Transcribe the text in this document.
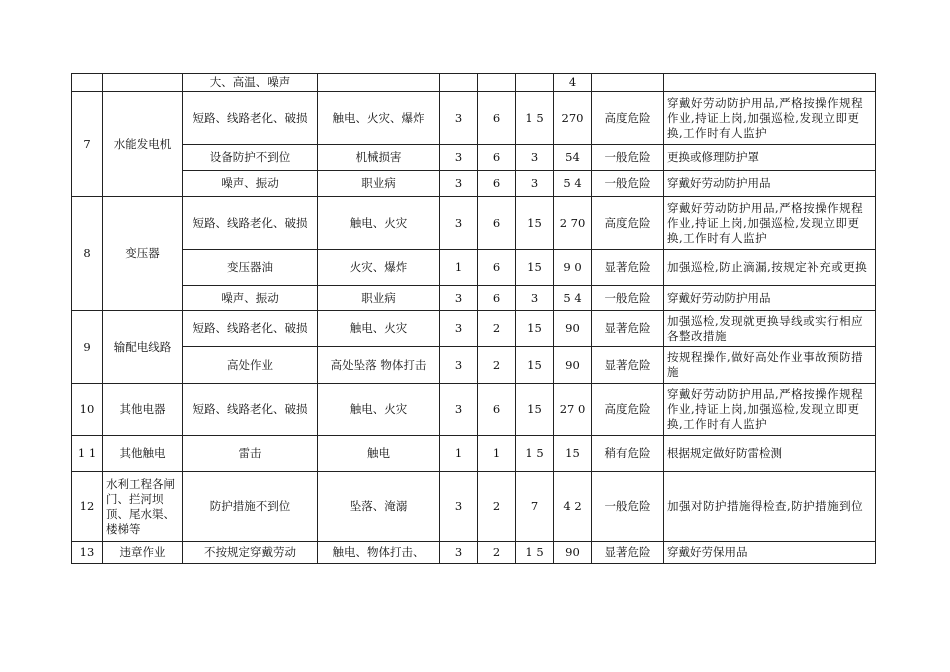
		大、高温、噪声					4		
7	水能发电机	短路、线路老化、破损	触电、火灾、爆炸	3	6	1 5	270	高度危险	穿戴好劳动防护用品,严格按操作规程作业,持证上岗,加强巡检,发现立即更换,工作时有人监护
		设备防护不到位	机械损害	3	6	3	54	一般危险	更换或修理防护罩
		噪声、振动	职业病	3	6	3	5 4	一般危险	穿戴好劳动防护用品
8	变压器	短路、线路老化、破损	触电、火灾	3	6	15	2 70	高度危险	穿戴好劳动防护用品,严格按操作规程作业,持证上岗,加强巡检,发现立即更换,工作时有人监护
		变压器油	火灾、爆炸	1	6	15	9 0	显著危险	加强巡检,防止滴漏,按规定补充或更换
		噪声、振动	职业病	3	6	3	5 4	一般危险	穿戴好劳动防护用品
9	输配电线路	短路、线路老化、破损	触电、火灾	3	2	15	90	显著危险	加强巡检,发现就更换导线或实行相应各整改措施
		高处作业	高处坠落 物体打击	3	2	15	90	显著危险	按规程操作,做好高处作业事故预防措施
10	其他电器	短路、线路老化、破损	触电、火灾	3	6	15	27 0	高度危险	穿戴好劳动防护用品,严格按操作规程作业,持证上岗,加强巡检,发现立即更换,工作时有人监护
1 1	其他触电	雷击	触电	1	1	1 5	15	稍有危险	根据规定做好防雷检测
12	水利工程各闸门、拦河坝顶、尾水渠、楼梯等	防护措施不到位	坠落、淹溺	3	2	7	4 2	一般危险	加强对防护措施得检查,防护措施到位
13	违章作业	不按规定穿戴劳动	触电、物体打击、	3	2	1 5	90	显著危险	穿戴好劳保用品
